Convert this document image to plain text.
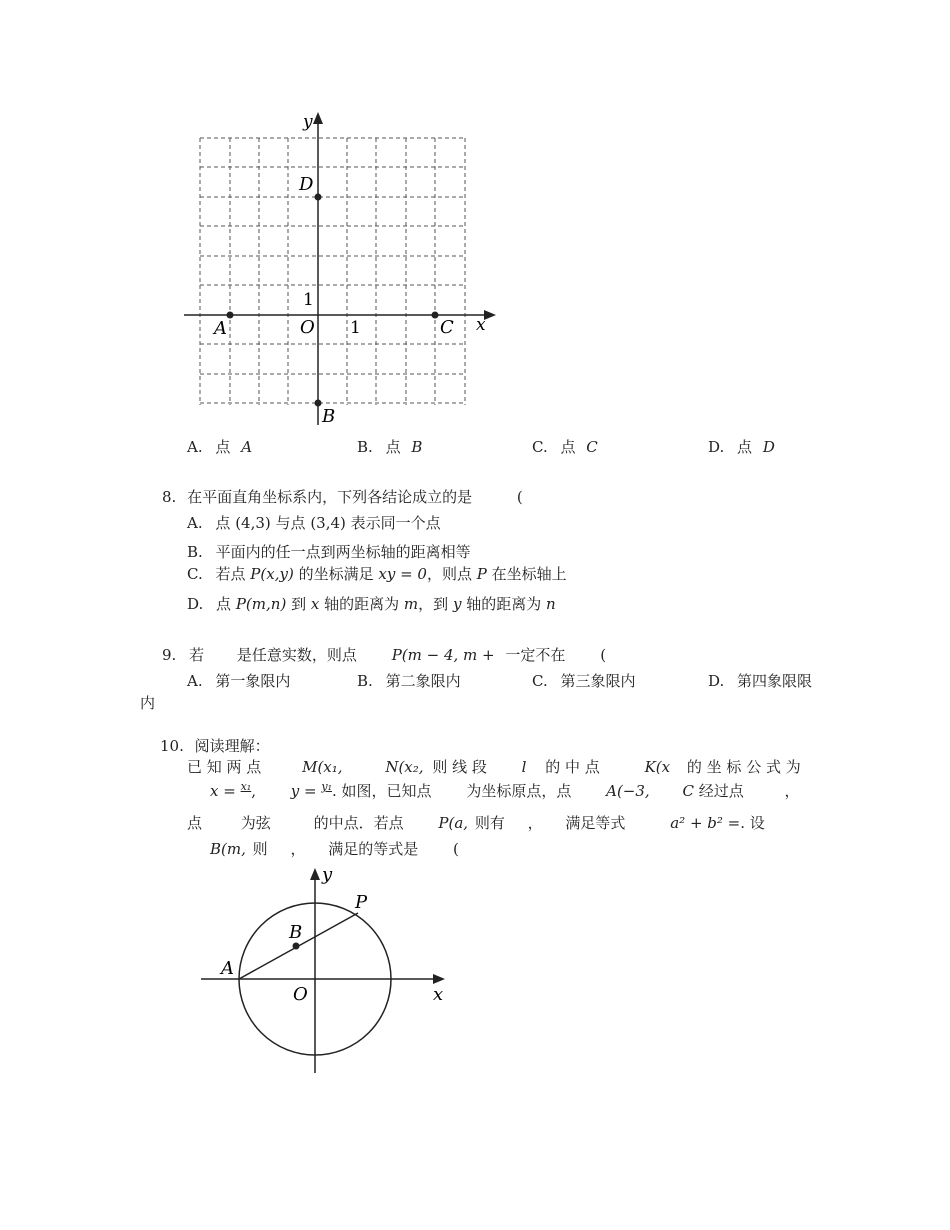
x
y
O 1
1
A
B
C
D
A. 点 A	B. 点 B	C. 点 C	D. 点 D
8. 在平面直角坐标系内，下列各结论成立的是	(
A. 点 (4,3) 与点 (3,4) 表示同一个点
B. 平面内的任一点到两坐标轴的距离相等
C. 若点 P(x,y) 的坐标满足 xy = 0，则点 P 在坐标轴上
D. 点 P(m,n) 到 x 轴的距离为 m，到 y 轴的距离为 n
9. 若 是任意实数，则点 P(m − 4, m + 一定不在 (
A. 第一象限内	B. 第二象限内	C. 第三象限内	D. 第四象限限
内
10. 阅读理解：
已 知 两 点	M(x₁,	N(x₂, 则 线 段 l 的 中 点	K(x 的 坐 标 公 式 为
x = $^{x_1}$, y = $^{y_1}$. 如图，已知点 为坐标原点，点 A(−3, C 经过点	，
点	为弦	的中点．若点 P(a, 则有 ， 满足等式	a² + b² =. 设
B(m, 则 ， 满足的等式是 (
x
y
O
A
B
P
